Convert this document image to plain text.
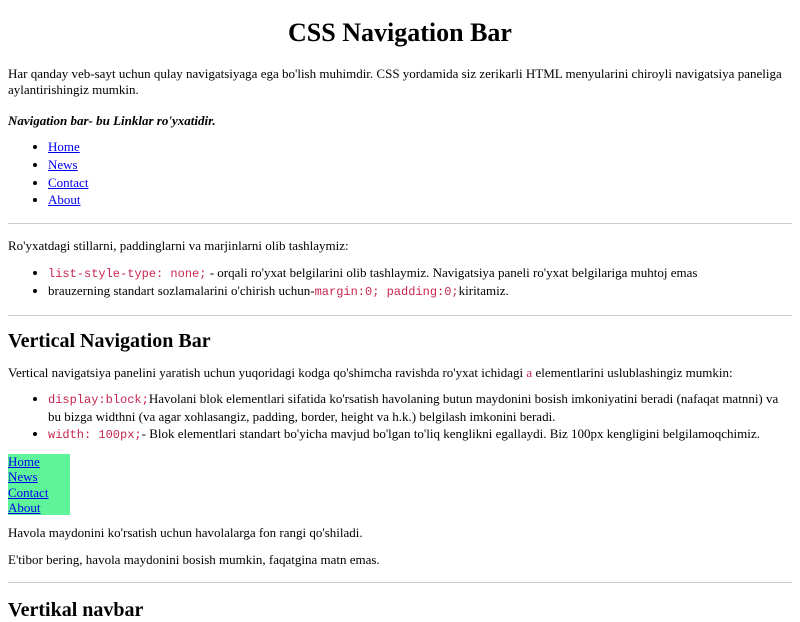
CSS Navigation Bar

Har qanday veb-sayt uchun qulay navigatsiyaga ega bo'lish muhimdir. CSS yordamida siz zerikarli HTML menyularini chiroyli navigatsiya paneliga aylantirishingiz mumkin.

Navigation bar- bu Linklar ro'yxatidir.

• Home
• News
• Contact
• About

Ro'yxatdagi stillarni, paddinglarni va marjinlarni olib tashlaymiz:

• list-style-type: none; - orqali ro'yxat belgilarini olib tashlaymiz. Navigatsiya paneli ro'yxat belgilariga muhtoj emas
• brauzerning standart sozlamalarini o'chirish uchun-margin:0; padding:0;kiritamiz.
Vertical Navigation Bar

Vertical navigatsiya panelini yaratish uchun yuqoridagi kodga qo'shimcha ravishda ro'yxat ichidagi a elementlarini uslublashingiz mumkin:

• display:block;Havolani blok elementlari sifatida ko'rsatish havolaning butun maydonini bosish imkoniyatini beradi (nafaqat matnni) va bu bizga widthni (va agar xohlasangiz, padding, border, height va h.k.) belgilash imkonini beradi.
• width: 100px;- Blok elementlari standart bo'yicha mavjud bo'lgan to'liq kenglikni egallaydi. Biz 100px kengligini belgilamoqchimiz.
Home
News
Contact
About

Havola maydonini ko'rsatish uchun havolalarga fon rangi qo'shiladi.

E'tibor bering, havola maydonini bosish mumkin, faqatgina matn emas.

Vertikal navbar
